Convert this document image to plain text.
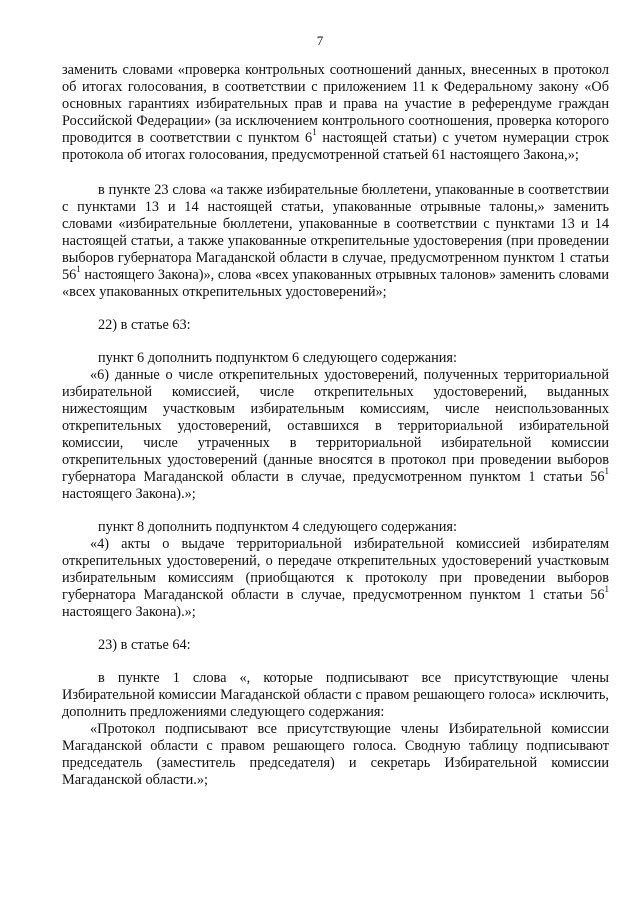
7

заменить словами «проверка контрольных соотношений данных, внесенных в протокол об итогах голосования, в соответствии с приложением 11 к Федеральному закону «Об основных гарантиях избирательных прав и права на участие в референдуме граждан Российской Федерации» (за исключением контрольного соотношения, проверка которого проводится в соответствии с пунктом $6^1$ настоящей статьи) с учетом нумерации строк протокола об итогах голосования, предусмотренной статьей 61 настоящего Закона,»;

в пункте 23 слова «а также избирательные бюллетени, упакованные в соответствии с пунктами 13 и 14 настоящей статьи, упакованные отрывные талоны,» заменить словами «избирательные бюллетени, упакованные в соответствии с пунктами 13 и 14 настоящей статьи, а также упакованные открепительные удостоверения (при проведении выборов губернатора Магаданской области в случае, предусмотренном пунктом 1 статьи $56^1$ настоящего Закона)», слова «всех упакованных отрывных талонов» заменить словами «всех упакованных открепительных удостоверений»;

22) в статье 63:

пункт 6 дополнить подпунктом 6 следующего содержания:

«6) данные о числе открепительных удостоверений, полученных территориальной избирательной комиссией, числе открепительных удостоверений, выданных нижестоящим участковым избирательным комиссиям, числе неиспользованных открепительных удостоверений, оставшихся в территориальной избирательной комиссии, числе утраченных в территориальной избирательной комиссии открепительных удостоверений (данные вносятся в протокол при проведении выборов губернатора Магаданской области в случае, предусмотренном пунктом 1 статьи $56^1$ настоящего Закона).»;

пункт 8 дополнить подпунктом 4 следующего содержания:

«4) акты о выдаче территориальной избирательной комиссией избирателям открепительных удостоверений, о передаче открепительных удостоверений участковым избирательным комиссиям (приобщаются к протоколу при проведении выборов губернатора Магаданской области в случае, предусмотренном пунктом 1 статьи $56^1$ настоящего Закона).»;

23) в статье 64:

в пункте 1 слова «, которые подписывают все присутствующие члены Избирательной комиссии Магаданской области с правом решающего голоса» исключить, дополнить предложениями следующего содержания:

«Протокол подписывают все присутствующие члены Избирательной комиссии Магаданской области с правом решающего голоса. Сводную таблицу подписывают председатель (заместитель председателя) и секретарь Избирательной комиссии Магаданской области.»;
